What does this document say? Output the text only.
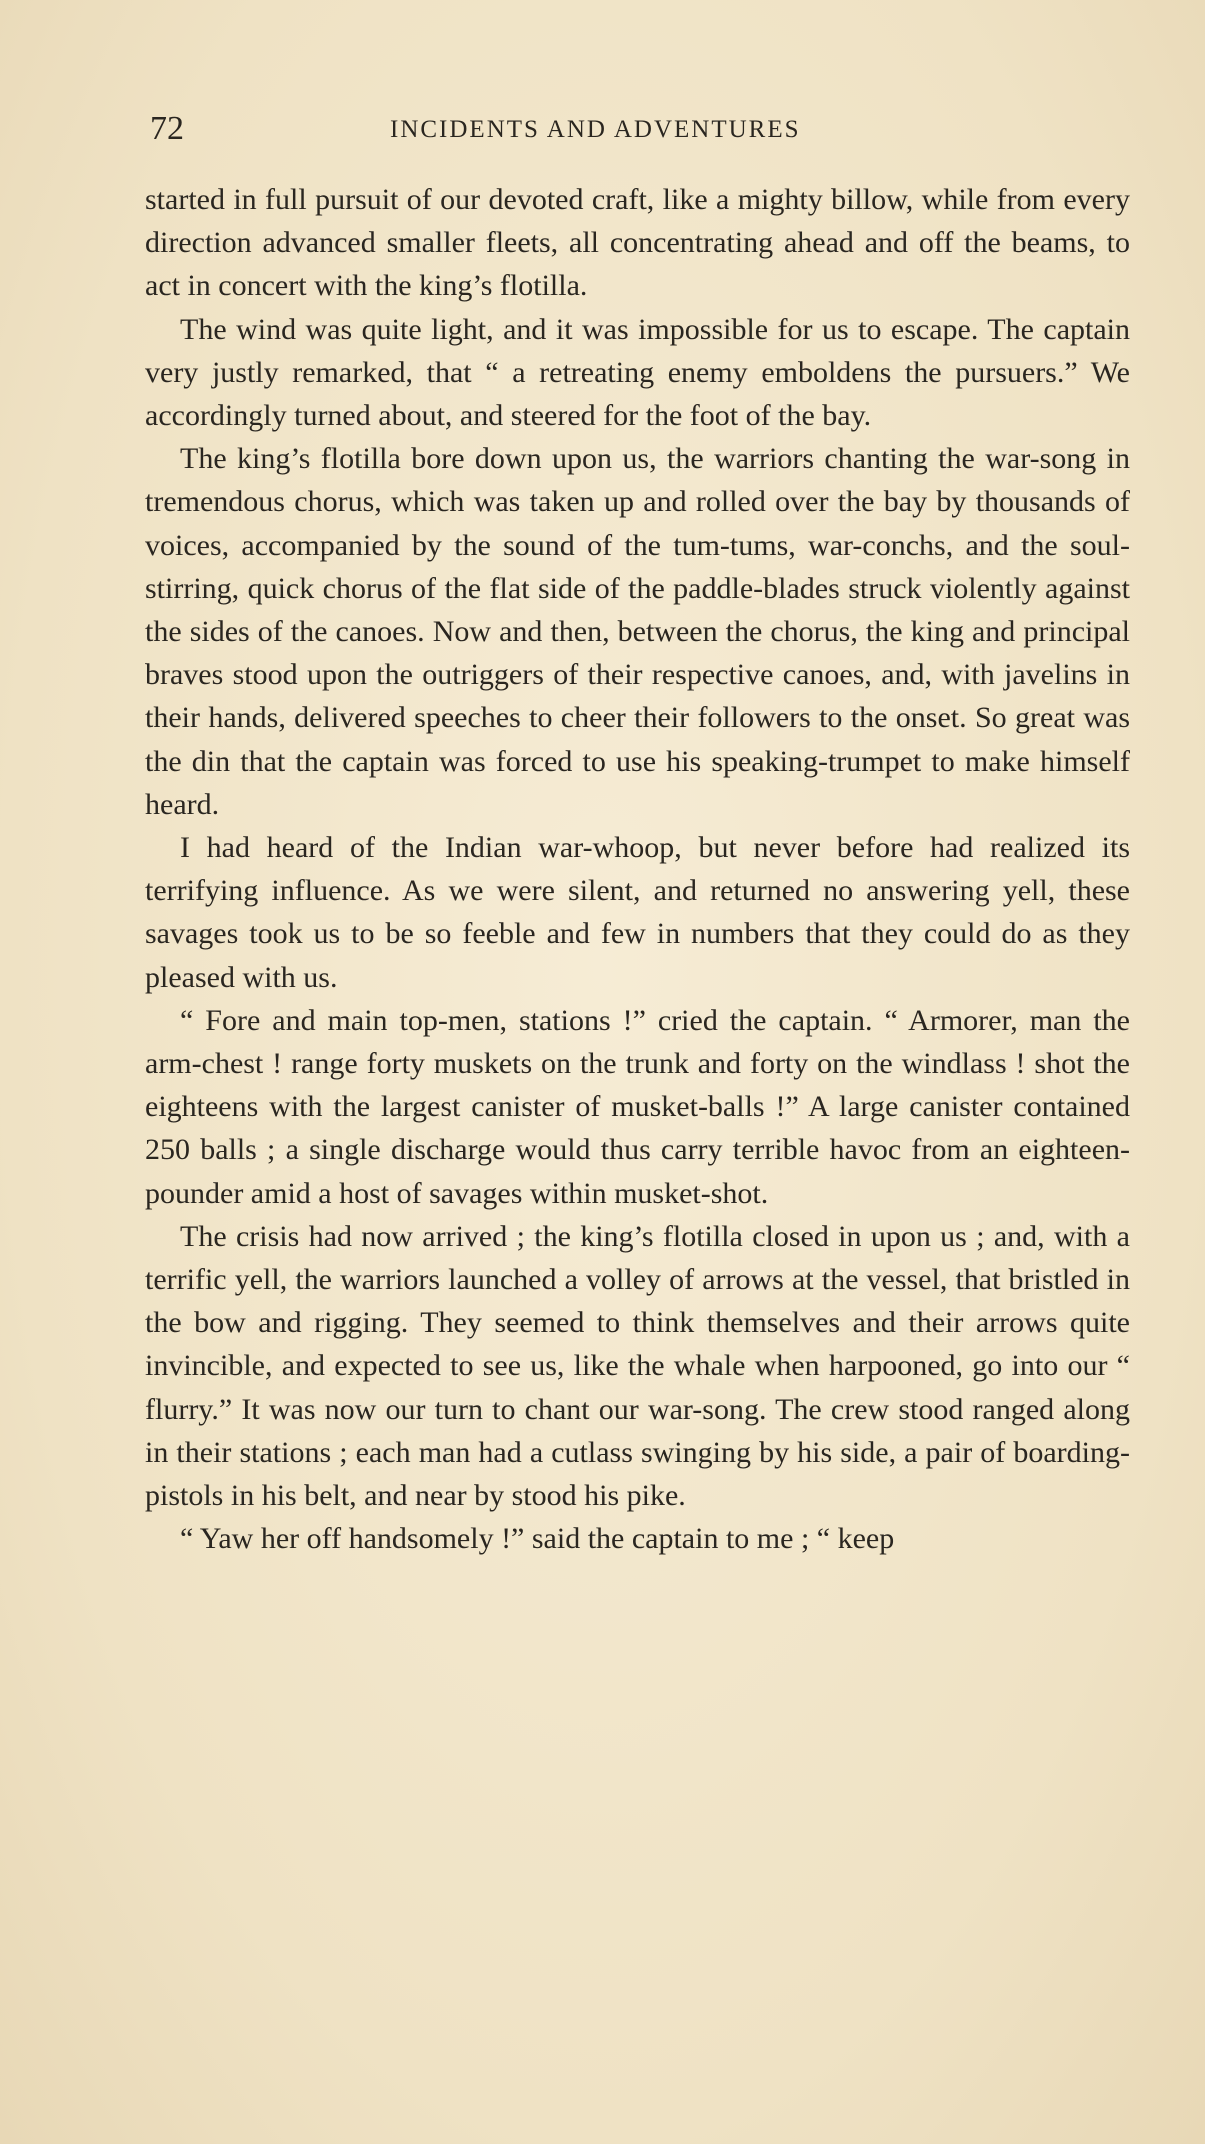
72	INCIDENTS AND ADVENTURES

started in full pursuit of our devoted craft, like a mighty billow, while from every direction advanced smaller fleets, all concentrating ahead and off the beams, to act in concert with the king’s flotilla.

The wind was quite light, and it was impossible for us to escape. The captain very justly remarked, that “ a retreating enemy emboldens the pursuers.” We accordingly turned about, and steered for the foot of the bay.

The king’s flotilla bore down upon us, the warriors chanting the war-song in tremendous chorus, which was taken up and rolled over the bay by thousands of voices, accompanied by the sound of the tum-tums, war-conchs, and the soul-stirring, quick chorus of the flat side of the paddle-blades struck violently against the sides of the canoes. Now and then, between the chorus, the king and principal braves stood upon the outriggers of their respective canoes, and, with javelins in their hands, delivered speeches to cheer their followers to the onset. So great was the din that the captain was forced to use his speaking-trumpet to make himself heard.

I had heard of the Indian war-whoop, but never before had realized its terrifying influence. As we were silent, and returned no answering yell, these savages took us to be so feeble and few in numbers that they could do as they pleased with us.

“ Fore and main top-men, stations !” cried the captain. “ Armorer, man the arm-chest ! range forty muskets on the trunk and forty on the windlass ! shot the eighteens with the largest canister of musket-balls !” A large canister contained 250 balls ; a single discharge would thus carry terrible havoc from an eighteen-pounder amid a host of savages within musket-shot.

The crisis had now arrived ; the king’s flotilla closed in upon us ; and, with a terrific yell, the warriors launched a volley of arrows at the vessel, that bristled in the bow and rigging. They seemed to think themselves and their arrows quite invincible, and expected to see us, like the whale when harpooned, go into our “ flurry.” It was now our turn to chant our war-song. The crew stood ranged along in their stations ; each man had a cutlass swinging by his side, a pair of boarding-pistols in his belt, and near by stood his pike.

“ Yaw her off handsomely !” said the captain to me ; “ keep
